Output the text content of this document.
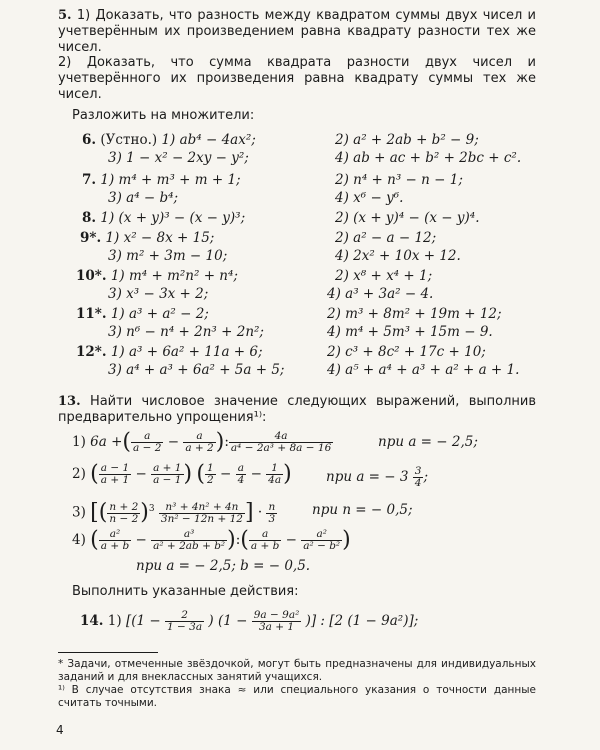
5. 1) Доказать, что разность между квадратом суммы двух чисел и учетверённым их произведением равна квадрату разности тех же чисел.
2) Доказать, что сумма квадрата разности двух чисел и учетверённого их произведения равна квадрату суммы тех же чисел.
Разложить на множители:
6. (Устно.) 1) ab⁴ − 4ax²;	2) a² + 2ab + b² − 9;
3) 1 − x² − 2xy − y²;	4) ab + ac + b² + 2bc + c².
7. 1) m⁴ + m³ + m + 1;	2) n⁴ + n³ − n − 1;
3) a⁴ − b⁴;	4) x⁶ − y⁶.
8. 1) (x + y)³ − (x − y)³;	2) (x + y)⁴ − (x − y)⁴.
9*. 1) x² − 8x + 15;	2) a² − a − 12;
3) m² + 3m − 10;	4) 2x² + 10x + 12.
10*. 1) m⁴ + m²n² + n⁴;	2) x⁸ + x⁴ + 1;
3) x³ − 3x + 2;	4) a³ + 3a² − 4.
11*. 1) a³ + a² − 2;	2) m³ + 8m² + 19m + 12;
3) n⁶ − n⁴ + 2n³ + 2n²;	4) m⁴ + 5m³ + 15m − 9.
12*. 1) a³ + 6a² + 11a + 6;	2) c³ + 8c² + 17c + 10;
3) a⁴ + a³ + 6a² + 5a + 5;	4) a⁵ + a⁴ + a³ + a² + a + 1.
13. Найти числовое значение следующих выражений, выполнив предварительно упрощения¹⁾:
1) 6a +( $\frac{a}{a - 2} - \frac{a}{a + 2}$ ): $\frac{4a}{\text{a⁴ − 2a³ + 8a − 16}}$	при a = − 2,5;
2) ( $\frac{a - 1}{a + 1} - \frac{a + 1}{a - 1}$ ) ( $\frac{1}{2} - \frac{a}{4} - \frac{1}{4a}$ )	при a = − $3 \frac{3}{4}$ ;
3) [( $\frac{n + 2}{n - 2} )^3 \frac{\text{n³ + 4n² + 4n}}{\text{3n² − 12n + 12}}$ ] · $\frac{n}{3}$	при n = − 0,5;
4) ( $\frac{\text{a²}}{a + b} - \frac{\text{a³}}{\text{a² + 2ab + b²}}$ ):( $\frac{a}{a + b} - \frac{\text{a²}}{\text{a² − b²}}$ )
при a = − 2,5; b = − 0,5.
Выполнить указанные действия:
14. 1) [($1 - \frac{2}{1 - 3a}$ ) ($1 - \frac{\text{9a − 9a²}}{3a + 1}$ )] : [2 (1 − 9a²)];
* Задачи, отмеченные звёздочкой, могут быть предназначены для индивидуальных заданий и для внеклассных занятий учащихся.
¹⁾ В случае отсутствия знака ≈ или специального указания о точности данные считать точными.
4
